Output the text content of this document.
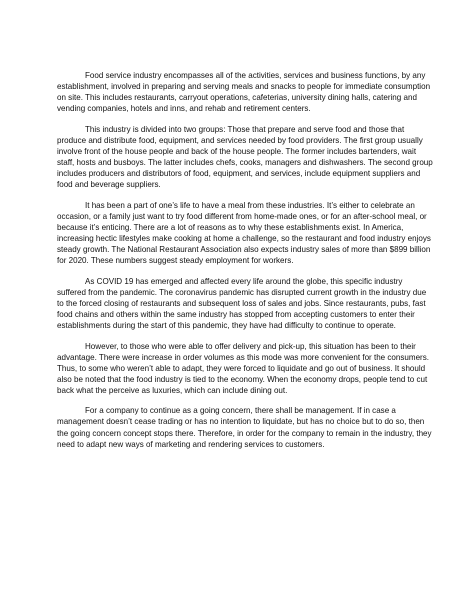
Food service industry encompasses all of the activities, services and business functions, by any establishment, involved in preparing and serving meals and snacks to people for immediate consumption on site. This includes restaurants, carryout operations, cafeterias, university dining halls, catering and vending companies, hotels and inns, and rehab and retirement centers.

This industry is divided into two groups: Those that prepare and serve food and those that produce and distribute food, equipment, and services needed by food providers. The first group usually involve front of the house people and back of the house people. The former includes bartenders, wait staff, hosts and busboys. The latter includes chefs, cooks, managers and dishwashers. The second group includes producers and distributors of food, equipment, and services, include equipment suppliers and food and beverage suppliers.

It has been a part of one’s life to have a meal from these industries. It’s either to celebrate an occasion, or a family just want to try food different from home-made ones, or for an after-school meal, or because it’s enticing. There are a lot of reasons as to why these establishments exist. In America, increasing hectic lifestyles make cooking at home a challenge, so the restaurant and food industry enjoys steady growth. The National Restaurant Association also expects industry sales of more than $899 billion for 2020. These numbers suggest steady employment for workers.

As COVID 19 has emerged and affected every life around the globe, this specific industry suffered from the pandemic. The coronavirus pandemic has disrupted current growth in the industry due to the forced closing of restaurants and subsequent loss of sales and jobs. Since restaurants, pubs, fast food chains and others within the same industry has stopped from accepting customers to enter their establishments during the start of this pandemic, they have had difficulty to continue to operate.

However, to those who were able to offer delivery and pick-up, this situation has been to their advantage. There were increase in order volumes as this mode was more convenient for the consumers. Thus, to some who weren’t able to adapt, they were forced to liquidate and go out of business. It should also be noted that the food industry is tied to the economy. When the economy drops, people tend to cut back what the perceive as luxuries, which can include dining out.

For a company to continue as a going concern, there shall be management. If in case a management doesn’t cease trading or has no intention to liquidate, but has no choice but to do so, then the going concern concept stops there. Therefore, in order for the company to remain in the industry, they need to adapt new ways of marketing and rendering services to customers.
